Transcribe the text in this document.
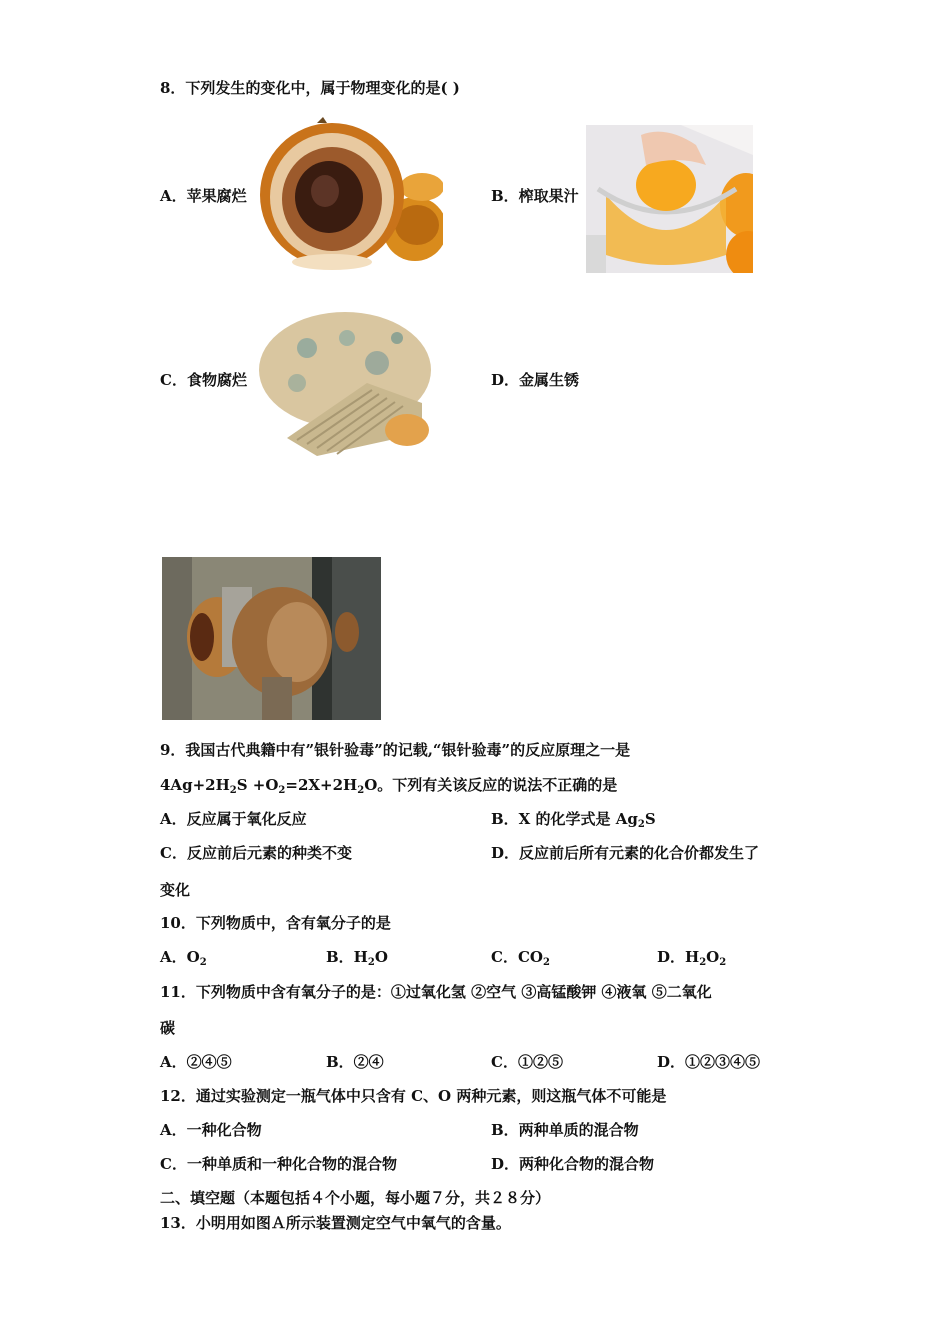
8．下列发生的变化中，属于物理变化的是( )
A．苹果腐烂	B．榨取果汁
C．食物腐烂	D．金属生锈
9．我国古代典籍中有”银针验毒”的记载,“银针验毒”的反应原理之一是
$4Ag+2H_2S +O_2=2X+2H_2O$。下列有关该反应的说法不正确的是
A．反应属于氧化反应	B．X 的化学式是 $Ag_2S$
C．反应前后元素的种类不变	D．反应前后所有元素的化合价都发生了
变化
10．下列物质中，含有氧分子的是
A．$O_2$	B．$H_2O$	C．$CO_2$	D．$H_2O_2$
11．下列物质中含有氧分子的是：①过氧化氢 ②空气 ③高锰酸钾 ④液氧 ⑤二氧化
碳
A．②④⑤	B．②④	C．①②⑤	D．①②③④⑤
12．通过实验测定一瓶气体中只含有 C、O 两种元素，则这瓶气体不可能是
A．一种化合物	B．两种单质的混合物
C．一种单质和一种化合物的混合物	D．两种化合物的混合物
二、填空题（本题包括４个小题，每小题７分，共２８分）
13．小明用如图Ａ所示装置测定空气中氧气的含量。
